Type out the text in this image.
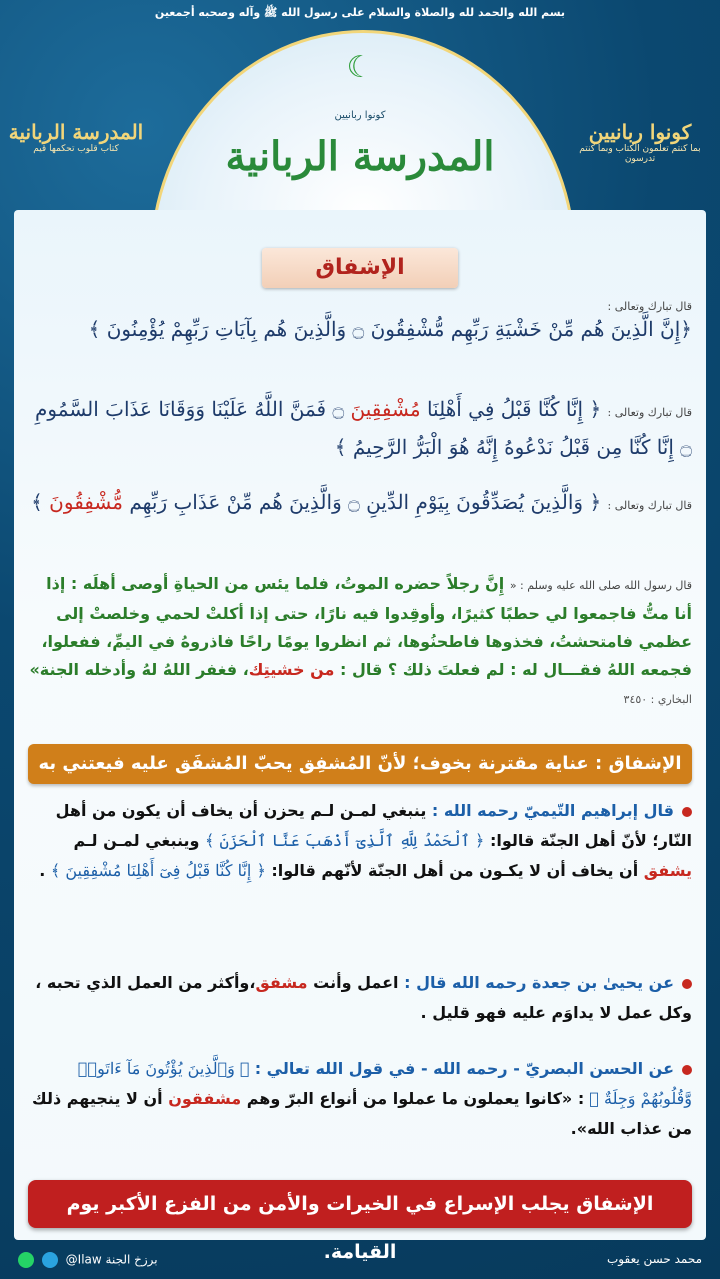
بسم الله والحمد لله والصلاة والسلام على رسول الله ﷺ وآله وصحبه أجمعين
☾
كونوا ربانيين
المدرسة الربانية
المدرسة الربانية
كتاب قلوب تحكمها قيم
كونوا ربانيين
بما كنتم تعلمون الكتاب وبما كنتم تدرسون
الإشفاق
قال تبارك وتعالى :
﴿إِنَّ الَّذِينَ هُم مِّنْ خَشْيَةِ رَبِّهِم مُّشْفِقُونَ ۝ وَالَّذِينَ هُم بِآيَاتِ رَبِّهِمْ يُؤْمِنُونَ ﴾
قال تبارك وتعالى : ﴿ إِنَّا كُنَّا قَبْلُ فِي أَهْلِنَا مُشْفِقِينَ ۝ فَمَنَّ اللَّهُ عَلَيْنَا وَوَقَانَا عَذَابَ السَّمُومِ ۝ إِنَّا كُنَّا مِن قَبْلُ نَدْعُوهُ إِنَّهُ هُوَ الْبَرُّ الرَّحِيمُ ﴾
قال تبارك وتعالى : ﴿ وَالَّذِينَ يُصَدِّقُونَ بِيَوْمِ الدِّينِ ۝ وَالَّذِينَ هُم مِّنْ عَذَابِ رَبِّهِم مُّشْفِقُونَ ﴾
قال رسول الله صلى الله عليه وسلم : « إِنَّ رجلاً حضره الموتُ، فلما يئس من الحياةِ أوصى أهلَه : إذا أنا متُّ فاجمعوا لي حطبًا كثيرًا، وأوقِدوا فيه نارًا، حتى إذا أكلتْ لحمي وخلصتْ إلى عظمي فامتحشتُ، فخذوها فاطحنُوها، ثم انظروا يومًا راحًا فاذروهُ في اليمِّ، ففعلوا، فجمعه اللهُ فقـــال له : لم فعلتَ ذلك ؟ قال : من خشيتِك، فغفر اللهُ لهُ وأدخله الجنة» البخاري : ٣٤٥٠
الإشفاق : عناية مقترنة بخوف؛ لأنّ المُشفِق يحبّ المُشفَق عليه فيعتني به
قال إبراهيم التّيميّ رحمه الله : ينبغي لمـن لـم يحزن أن يخاف أن يكون من أهل النّار؛ لأنّ أهل الجنّة قالوا: ﴿ ٱلْحَمْدُ لِلَّهِ ٱلَّذِىٓ أَذْهَبَ عَنَّا ٱلْحَزَنَ ﴾ وينبغي لمـن لـم يشفق أن يخاف أن لا يكـون من أهل الجنّة لأنّهم قالوا: ﴿ إِنَّا كُنَّا قَبْلُ فِىٓ أَهْلِنَا مُشْفِقِينَ ﴾ .
عن يحيىٰ بن جعدة رحمه الله قال : اعمل وأنت مشفق،وأكثر من العمل الذي تحبه ، وكل عمل لا يداوَم عليه فهو قليل .
عن الحسن البصريّ - رحمه الله - في قول الله تعالي : ﴿ وَٱلَّذِينَ يُؤْتُونَ مَآ ءَاتَوا۟ وَّقُلُوبُهُمْ وَجِلَةٌ ﴾ : «كانوا يعملون ما عملوا من أنواع البرّ وهم مشفقون أن لا ينجيهم ذلك من عذاب الله».
الإشفاق يجلب الإسراع في الخيرات والأمن من الفزع الأكبر يوم القيامة.
@Ilaw برزخ الجنة	محمد حسن يعقوب
